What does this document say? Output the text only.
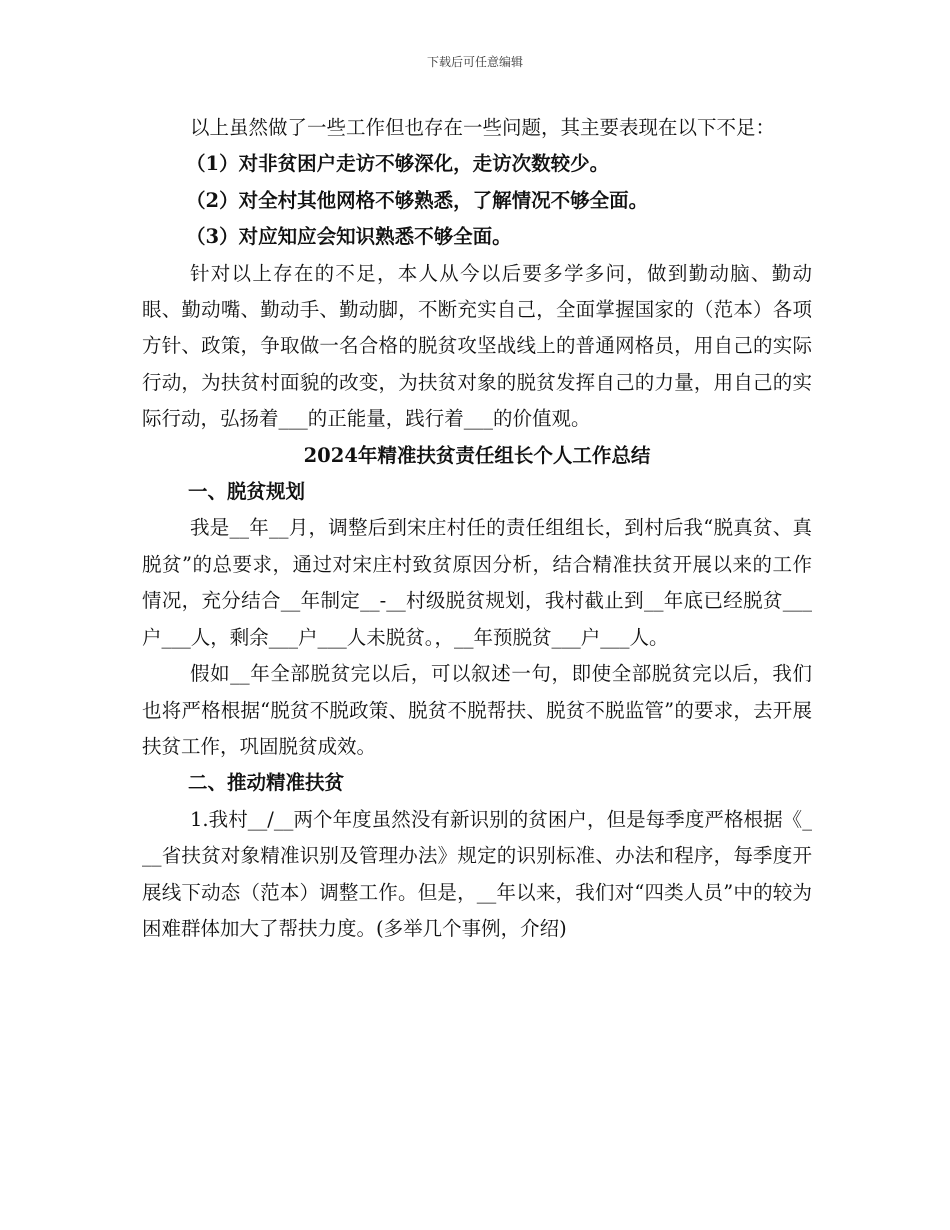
下载后可任意编辑

以上虽然做了一些工作但也存在一些问题，其主要表现在以下不足：

（1）对非贫困户走访不够深化，走访次数较少。

（2）对全村其他网格不够熟悉，了解情况不够全面。

（3）对应知应会知识熟悉不够全面。

针对以上存在的不足，本人从今以后要多学多问，做到勤动脑、勤动眼、勤动嘴、勤动手、勤动脚，不断充实自己，全面掌握国家的（范本）各项方针、政策，争取做一名合格的脱贫攻坚战线上的普通网格员，用自己的实际行动，为扶贫村面貌的改变，为扶贫对象的脱贫发挥自己的力量，用自己的实际行动，弘扬着___的正能量，践行着___的价值观。

2024年精准扶贫责任组长个人工作总结

一、脱贫规划

我是__年__月，调整后到宋庄村任的责任组组长，到村后我“脱真贫、真脱贫”的总要求，通过对宋庄村致贫原因分析，结合精准扶贫开展以来的工作情况，充分结合__年制定__-__村级脱贫规划，我村截止到__年底已经脱贫___户___人，剩余___户___人未脱贫。，__年预脱贫___户___人。

假如__年全部脱贫完以后，可以叙述一句，即使全部脱贫完以后，我们也将严格根据“脱贫不脱政策、脱贫不脱帮扶、脱贫不脱监管”的要求，去开展扶贫工作，巩固脱贫成效。

二、推动精准扶贫

1.我村__/__两个年度虽然没有新识别的贫困户，但是每季度严格根据《___省扶贫对象精准识别及管理办法》规定的识别标准、办法和程序，每季度开展线下动态（范本）调整工作。但是，__年以来，我们对“四类人员”中的较为困难群体加大了帮扶力度。(多举几个事例，介绍)
